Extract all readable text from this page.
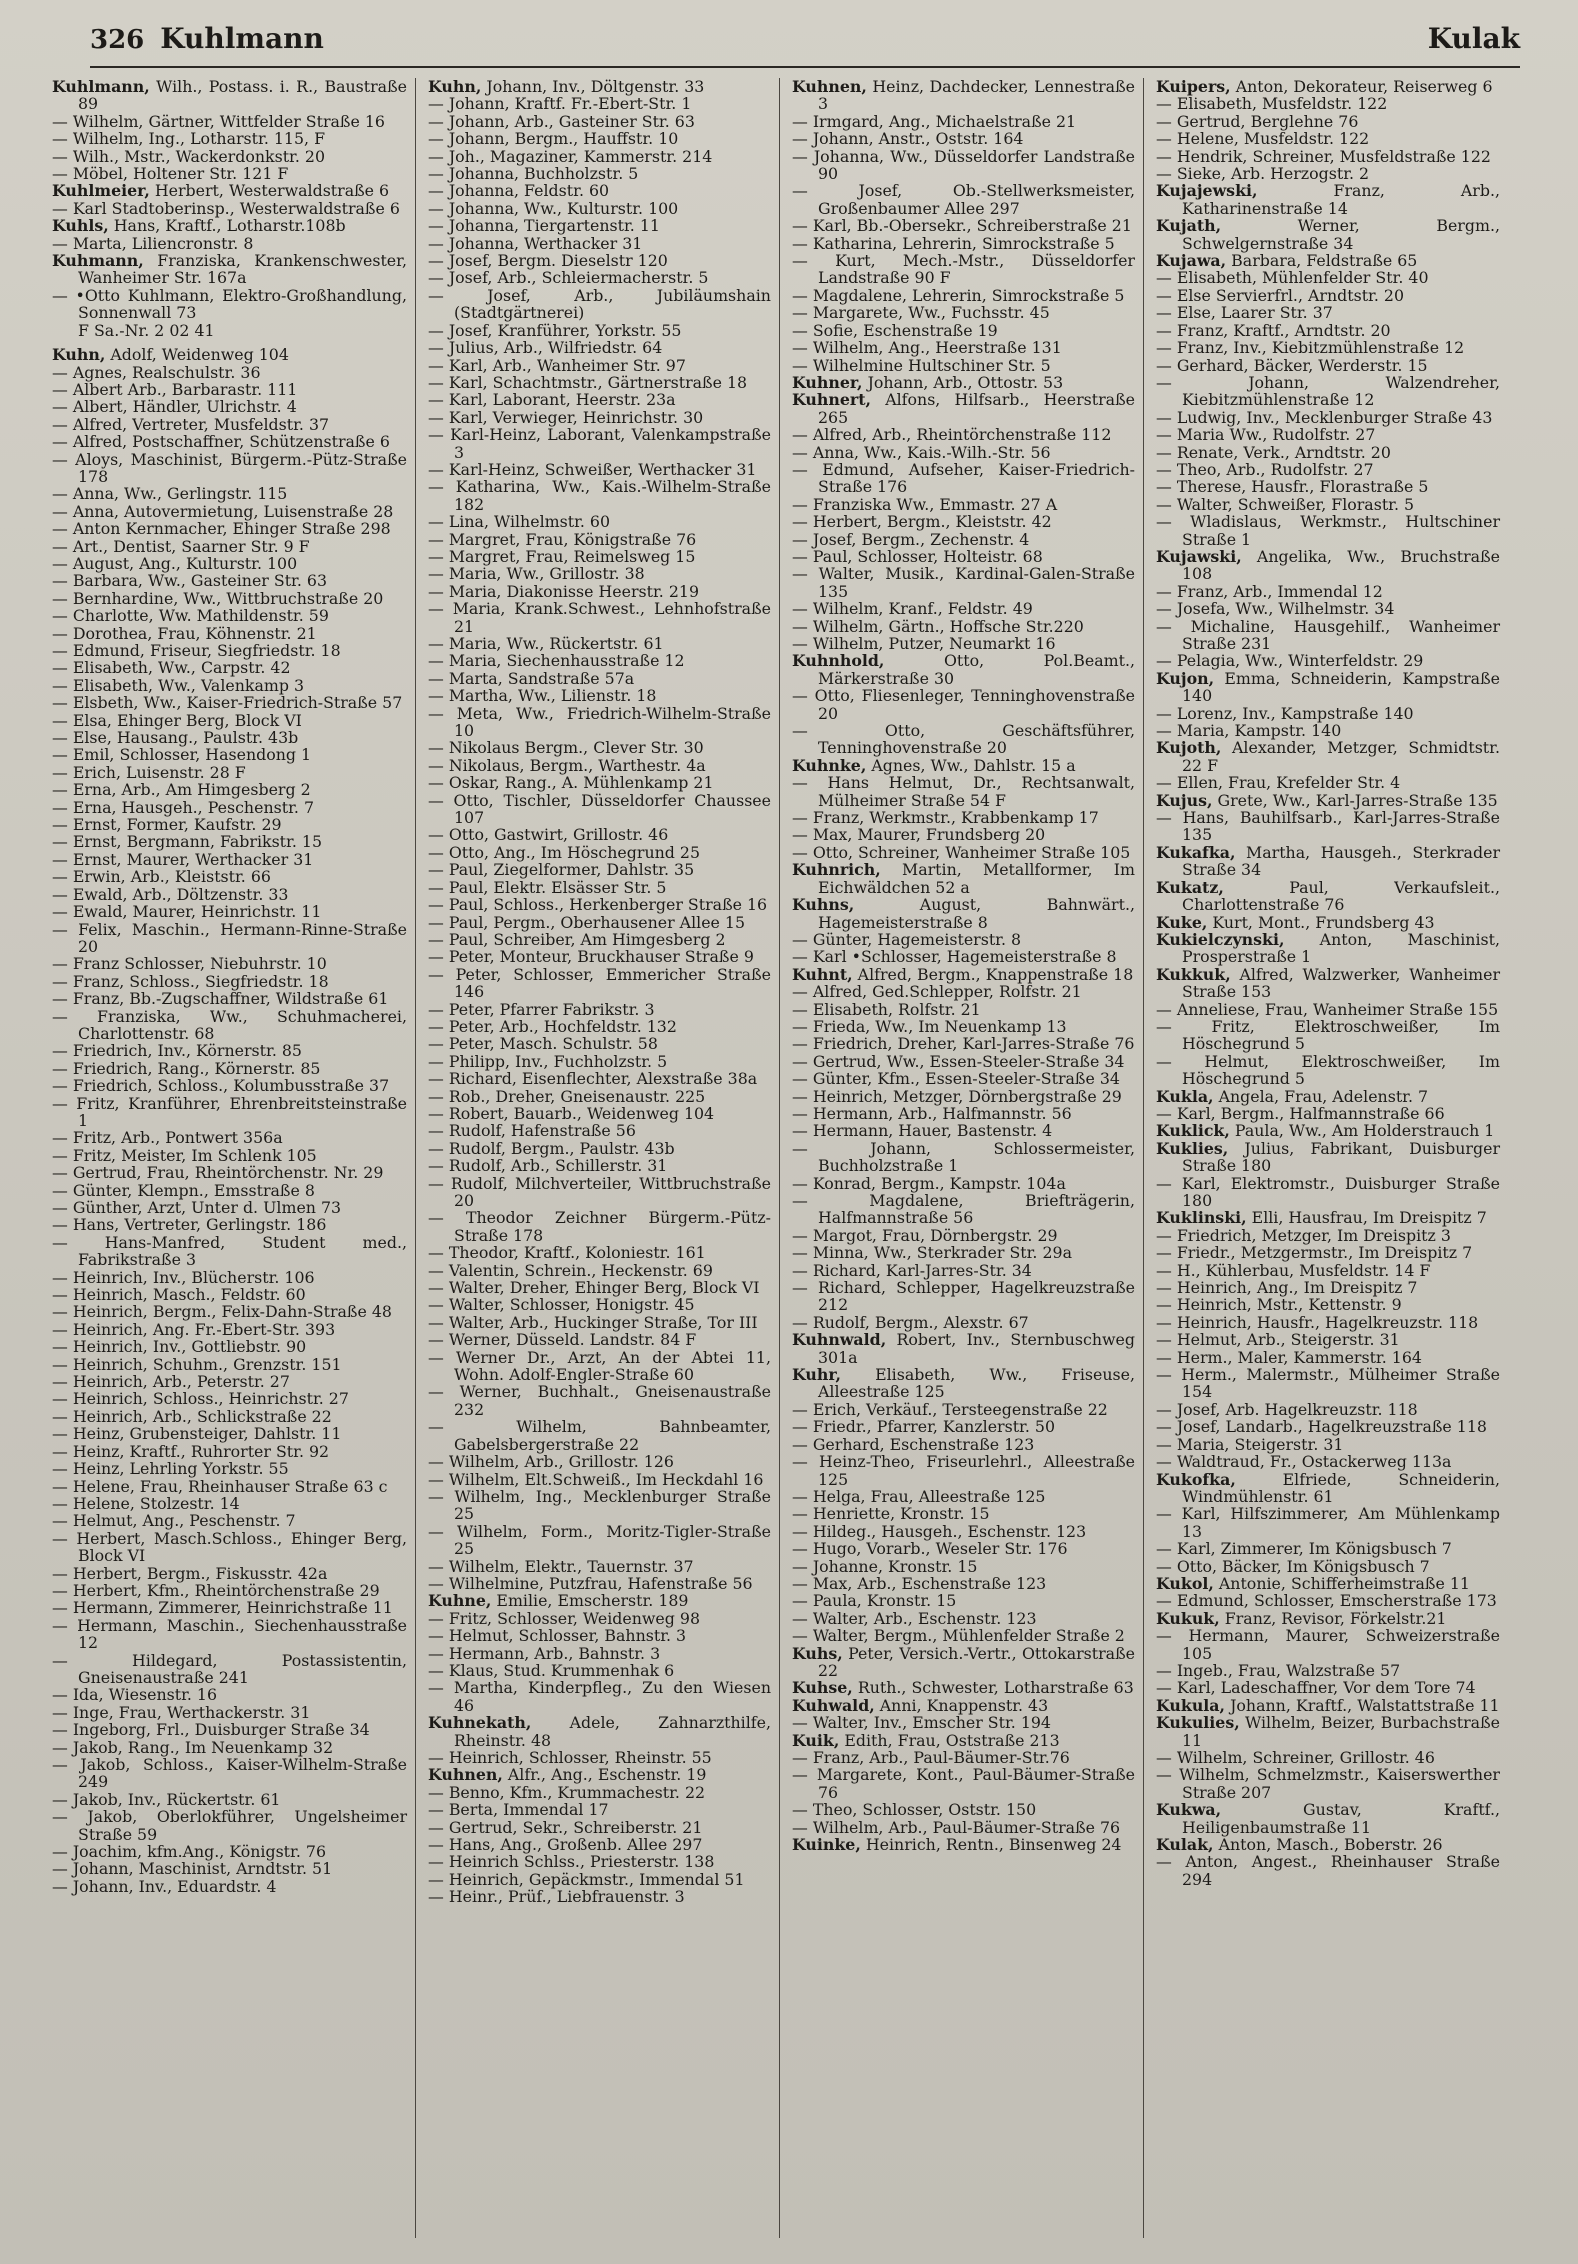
326 Kuhlmann	Kulak
Kuhlmann, Wilh., Postass. i. R., Baustraße 89
— Wilhelm, Gärtner, Wittfelder Straße 16
— Wilhelm, Ing., Lotharstr. 115, F
— Wilh., Mstr., Wackerdonkstr. 20
— Möbel, Holtener Str. 121 F
Kuhlmeier, Herbert, Westerwaldstraße 6
— Karl Stadtoberinsp., Westerwaldstraße 6
Kuhls, Hans, Kraftf., Lotharstr.108b
— Marta, Liliencronstr. 8
Kuhmann, Franziska, Krankenschwester, Wanheimer Str. 167a
— •Otto Kuhlmann, Elektro-Großhandlung, Sonnenwall 73
F Sa.-Nr. 2 02 41
Kuhn, Adolf, Weidenweg 104
— Agnes, Realschulstr. 36
— Albert Arb., Barbarastr. 111
— Albert, Händler, Ulrichstr. 4
— Alfred, Vertreter, Musfeldstr. 37
— Alfred, Postschaffner, Schützenstraße 6
— Aloys, Maschinist, Bürgerm.-Pütz-Straße 178
— Anna, Ww., Gerlingstr. 115
— Anna, Autovermietung, Luisenstraße 28
— Anton Kernmacher, Ehinger Straße 298
— Art., Dentist, Saarner Str. 9 F
— August, Ang., Kulturstr. 100
— Barbara, Ww., Gasteiner Str. 63
— Bernhardine, Ww., Wittbruchstraße 20
— Charlotte, Ww. Mathildenstr. 59
— Dorothea, Frau, Köhnenstr. 21
— Edmund, Friseur, Siegfriedstr. 18
— Elisabeth, Ww., Carpstr. 42
— Elisabeth, Ww., Valenkamp 3
— Elsbeth, Ww., Kaiser-Friedrich-Straße 57
— Elsa, Ehinger Berg, Block VI
— Else, Hausang., Paulstr. 43b
— Emil, Schlosser, Hasendong 1
— Erich, Luisenstr. 28 F
— Erna, Arb., Am Himgesberg 2
— Erna, Hausgeh., Peschenstr. 7
— Ernst, Former, Kaufstr. 29
— Ernst, Bergmann, Fabrikstr. 15
— Ernst, Maurer, Werthacker 31
— Erwin, Arb., Kleiststr. 66
— Ewald, Arb., Döltzenstr. 33
— Ewald, Maurer, Heinrichstr. 11
— Felix, Maschin., Hermann-Rinne-Straße 20
— Franz Schlosser, Niebuhrstr. 10
— Franz, Schloss., Siegfriedstr. 18
— Franz, Bb.-Zugschaffner, Wildstraße 61
— Franziska, Ww., Schuhmacherei, Charlottenstr. 68
— Friedrich, Inv., Körnerstr. 85
— Friedrich, Rang., Körnerstr. 85
— Friedrich, Schloss., Kolumbusstraße 37
— Fritz, Kranführer, Ehrenbreitsteinstraße 1
— Fritz, Arb., Pontwert 356a
— Fritz, Meister, Im Schlenk 105
— Gertrud, Frau, Rheintörchenstr. Nr. 29
— Günter, Klempn., Emsstraße 8
— Günther, Arzt, Unter d. Ulmen 73
— Hans, Vertreter, Gerlingstr. 186
— Hans-Manfred, Student med., Fabrikstraße 3
— Heinrich, Inv., Blücherstr. 106
— Heinrich, Masch., Feldstr. 60
— Heinrich, Bergm., Felix-Dahn-Straße 48
— Heinrich, Ang. Fr.-Ebert-Str. 393
— Heinrich, Inv., Gottliebstr. 90
— Heinrich, Schuhm., Grenzstr. 151
— Heinrich, Arb., Peterstr. 27
— Heinrich, Schloss., Heinrichstr. 27
— Heinrich, Arb., Schlickstraße 22
— Heinz, Grubensteiger, Dahlstr. 11
— Heinz, Kraftf., Ruhrorter Str. 92
— Heinz, Lehrling Yorkstr. 55
— Helene, Frau, Rheinhauser Straße 63 c
— Helene, Stolzestr. 14
— Helmut, Ang., Peschenstr. 7
— Herbert, Masch.Schloss., Ehinger Berg, Block VI
— Herbert, Bergm., Fiskusstr. 42a
— Herbert, Kfm., Rheintörchenstraße 29
— Hermann, Zimmerer, Heinrichstraße 11
— Hermann, Maschin., Siechenhausstraße 12
— Hildegard, Postassistentin, Gneisenaustraße 241
— Ida, Wiesenstr. 16
— Inge, Frau, Werthackerstr. 31
— Ingeborg, Frl., Duisburger Straße 34
— Jakob, Rang., Im Neuenkamp 32
— Jakob, Schloss., Kaiser-Wilhelm-Straße 249
— Jakob, Inv., Rückertstr. 61
— Jakob, Oberlokführer, Ungelsheimer Straße 59
— Joachim, kfm.Ang., Königstr. 76
— Johann, Maschinist, Arndtstr. 51
— Johann, Inv., Eduardstr. 4
Kuhn, Johann, Inv., Döltgenstr. 33
— Johann, Kraftf. Fr.-Ebert-Str. 1
— Johann, Arb., Gasteiner Str. 63
— Johann, Bergm., Hauffstr. 10
— Joh., Magaziner, Kammerstr. 214
— Johanna, Buchholzstr. 5
— Johanna, Feldstr. 60
— Johanna, Ww., Kulturstr. 100
— Johanna, Tiergartenstr. 11
— Johanna, Werthacker 31
— Josef, Bergm. Dieselstr 120
— Josef, Arb., Schleiermacherstr. 5
— Josef, Arb., Jubiläumshain (Stadtgärtnerei)
— Josef, Kranführer, Yorkstr. 55
— Julius, Arb., Wilfriedstr. 64
— Karl, Arb., Wanheimer Str. 97
— Karl, Schachtmstr., Gärtnerstraße 18
— Karl, Laborant, Heerstr. 23a
— Karl, Verwieger, Heinrichstr. 30
— Karl-Heinz, Laborant, Valenkampstraße 3
— Karl-Heinz, Schweißer, Werthacker 31
— Katharina, Ww., Kais.-Wilhelm-Straße 182
— Lina, Wilhelmstr. 60
— Margret, Frau, Königstraße 76
— Margret, Frau, Reimelsweg 15
— Maria, Ww., Grillostr. 38
— Maria, Diakonisse Heerstr. 219
— Maria, Krank.Schwest., Lehnhofstraße 21
— Maria, Ww., Rückertstr. 61
— Maria, Siechenhausstraße 12
— Marta, Sandstraße 57a
— Martha, Ww., Lilienstr. 18
— Meta, Ww., Friedrich-Wilhelm-Straße 10
— Nikolaus Bergm., Clever Str. 30
— Nikolaus, Bergm., Warthestr. 4a
— Oskar, Rang., A. Mühlenkamp 21
— Otto, Tischler, Düsseldorfer Chaussee 107
— Otto, Gastwirt, Grillostr. 46
— Otto, Ang., Im Höschegrund 25
— Paul, Ziegelformer, Dahlstr. 35
— Paul, Elektr. Elsässer Str. 5
— Paul, Schloss., Herkenberger Straße 16
— Paul, Pergm., Oberhausener Allee 15
— Paul, Schreiber, Am Himgesberg 2
— Peter, Monteur, Bruckhauser Straße 9
— Peter, Schlosser, Emmericher Straße 146
— Peter, Pfarrer Fabrikstr. 3
— Peter, Arb., Hochfeldstr. 132
— Peter, Masch. Schulstr. 58
— Philipp, Inv., Fuchholzstr. 5
— Richard, Eisenflechter, Alexstraße 38a
— Rob., Dreher, Gneisenaustr. 225
— Robert, Bauarb., Weidenweg 104
— Rudolf, Hafenstraße 56
— Rudolf, Bergm., Paulstr. 43b
— Rudolf, Arb., Schillerstr. 31
— Rudolf, Milchverteiler, Wittbruchstraße 20
— Theodor Zeichner Bürgerm.-Pütz-Straße 178
— Theodor, Kraftf., Koloniestr. 161
— Valentin, Schrein., Heckenstr. 69
— Walter, Dreher, Ehinger Berg, Block VI
— Walter, Schlosser, Honigstr. 45
— Walter, Arb., Huckinger Straße, Tor III
— Werner, Düsseld. Landstr. 84 F
— Werner Dr., Arzt, An der Abtei 11, Wohn. Adolf-Engler-Straße 60
— Werner, Buchhalt., Gneisenaustraße 232
— Wilhelm, Bahnbeamter, Gabelsbergerstraße 22
— Wilhelm, Arb., Grillostr. 126
— Wilhelm, Elt.Schweiß., Im Heckdahl 16
— Wilhelm, Ing., Mecklenburger Straße 25
— Wilhelm, Form., Moritz-Tigler-Straße 25
— Wilhelm, Elektr., Tauernstr. 37
— Wilhelmine, Putzfrau, Hafenstraße 56
Kuhne, Emilie, Emscherstr. 189
— Fritz, Schlosser, Weidenweg 98
— Helmut, Schlosser, Bahnstr. 3
— Hermann, Arb., Bahnstr. 3
— Klaus, Stud. Krummenhak 6
— Martha, Kinderpfleg., Zu den Wiesen 46
Kuhnekath, Adele, Zahnarzthilfe, Rheinstr. 48
— Heinrich, Schlosser, Rheinstr. 55
Kuhnen, Alfr., Ang., Eschenstr. 19
— Benno, Kfm., Krummachestr. 22
— Berta, Immendal 17
— Gertrud, Sekr., Schreiberstr. 21
— Hans, Ang., Großenb. Allee 297
— Heinrich Schlss., Priesterstr. 138
— Heinrich, Gepäckmstr., Immendal 51
— Heinr., Prüf., Liebfrauenstr. 3
Kuhnen, Heinz, Dachdecker, Lennestraße 3
— Irmgard, Ang., Michaelstraße 21
— Johann, Anstr., Oststr. 164
— Johanna, Ww., Düsseldorfer Landstraße 90
— Josef, Ob.-Stellwerksmeister, Großenbaumer Allee 297
— Karl, Bb.-Obersekr., Schreiberstraße 21
— Katharina, Lehrerin, Simrockstraße 5
— Kurt, Mech.-Mstr., Düsseldorfer Landstraße 90 F
— Magdalene, Lehrerin, Simrockstraße 5
— Margarete, Ww., Fuchsstr. 45
— Sofie, Eschenstraße 19
— Wilhelm, Ang., Heerstraße 131
— Wilhelmine Hultschiner Str. 5
Kuhner, Johann, Arb., Ottostr. 53
Kuhnert, Alfons, Hilfsarb., Heerstraße 265
— Alfred, Arb., Rheintörchenstraße 112
— Anna, Ww., Kais.-Wilh.-Str. 56
— Edmund, Aufseher, Kaiser-Friedrich-Straße 176
— Franziska Ww., Emmastr. 27 A
— Herbert, Bergm., Kleiststr. 42
— Josef, Bergm., Zechenstr. 4
— Paul, Schlosser, Holteistr. 68
— Walter, Musik., Kardinal-Galen-Straße 135
— Wilhelm, Kranf., Feldstr. 49
— Wilhelm, Gärtn., Hoffsche Str.220
— Wilhelm, Putzer, Neumarkt 16
Kuhnhold, Otto, Pol.Beamt., Märkerstraße 30
— Otto, Fliesenleger, Tenninghovenstraße 20
— Otto, Geschäftsführer, Tenninghovenstraße 20
Kuhnke, Agnes, Ww., Dahlstr. 15 a
— Hans Helmut, Dr., Rechtsanwalt, Mülheimer Straße 54 F
— Franz, Werkmstr., Krabbenkamp 17
— Max, Maurer, Frundsberg 20
— Otto, Schreiner, Wanheimer Straße 105
Kuhnrich, Martin, Metallformer, Im Eichwäldchen 52 a
Kuhns, August, Bahnwärt., Hagemeisterstraße 8
— Günter, Hagemeisterstr. 8
— Karl •Schlosser, Hagemeisterstraße 8
Kuhnt, Alfred, Bergm., Knappenstraße 18
— Alfred, Ged.Schlepper, Rolfstr. 21
— Elisabeth, Rolfstr. 21
— Frieda, Ww., Im Neuenkamp 13
— Friedrich, Dreher, Karl-Jarres-Straße 76
— Gertrud, Ww., Essen-Steeler-Straße 34
— Günter, Kfm., Essen-Steeler-Straße 34
— Heinrich, Metzger, Dörnbergstraße 29
— Hermann, Arb., Halfmannstr. 56
— Hermann, Hauer, Bastenstr. 4
— Johann, Schlossermeister, Buchholzstraße 1
— Konrad, Bergm., Kampstr. 104a
— Magdalene, Briefträgerin, Halfmannstraße 56
— Margot, Frau, Dörnbergstr. 29
— Minna, Ww., Sterkrader Str. 29a
— Richard, Karl-Jarres-Str. 34
— Richard, Schlepper, Hagelkreuzstraße 212
— Rudolf, Bergm., Alexstr. 67
Kuhnwald, Robert, Inv., Sternbuschweg 301a
Kuhr, Elisabeth, Ww., Friseuse, Alleestraße 125
— Erich, Verkäuf., Tersteegenstraße 22
— Friedr., Pfarrer, Kanzlerstr. 50
— Gerhard, Eschenstraße 123
— Heinz-Theo, Friseurlehrl., Alleestraße 125
— Helga, Frau, Alleestraße 125
— Henriette, Kronstr. 15
— Hildeg., Hausgeh., Eschenstr. 123
— Hugo, Vorarb., Weseler Str. 176
— Johanne, Kronstr. 15
— Max, Arb., Eschenstraße 123
— Paula, Kronstr. 15
— Walter, Arb., Eschenstr. 123
— Walter, Bergm., Mühlenfelder Straße 2
Kuhs, Peter, Versich.-Vertr., Ottokarstraße 22
Kuhse, Ruth., Schwester, Lotharstraße 63
Kuhwald, Anni, Knappenstr. 43
— Walter, Inv., Emscher Str. 194
Kuik, Edith, Frau, Oststraße 213
— Franz, Arb., Paul-Bäumer-Str.76
— Margarete, Kont., Paul-Bäumer-Straße 76
— Theo, Schlosser, Oststr. 150
— Wilhelm, Arb., Paul-Bäumer-Straße 76
Kuinke, Heinrich, Rentn., Binsenweg 24
Kuipers, Anton, Dekorateur, Reiserweg 6
— Elisabeth, Musfeldstr. 122
— Gertrud, Berglehne 76
— Helene, Musfeldstr. 122
— Hendrik, Schreiner, Musfeldstraße 122
— Sieke, Arb. Herzogstr. 2
Kujajewski, Franz, Arb., Katharinenstraße 14
Kujath, Werner, Bergm., Schwelgernstraße 34
Kujawa, Barbara, Feldstraße 65
— Elisabeth, Mühlenfelder Str. 40
— Else Servierfrl., Arndtstr. 20
— Else, Laarer Str. 37
— Franz, Kraftf., Arndtstr. 20
— Franz, Inv., Kiebitzmühlenstraße 12
— Gerhard, Bäcker, Werderstr. 15
— Johann, Walzendreher, Kiebitzmühlenstraße 12
— Ludwig, Inv., Mecklenburger Straße 43
— Maria Ww., Rudolfstr. 27
— Renate, Verk., Arndtstr. 20
— Theo, Arb., Rudolfstr. 27
— Therese, Hausfr., Florastraße 5
— Walter, Schweißer, Florastr. 5
— Wladislaus, Werkmstr., Hultschiner Straße 1
Kujawski, Angelika, Ww., Bruchstraße 108
— Franz, Arb., Immendal 12
— Josefa, Ww., Wilhelmstr. 34
— Michaline, Hausgehilf., Wanheimer Straße 231
— Pelagia, Ww., Winterfeldstr. 29
Kujon, Emma, Schneiderin, Kampstraße 140
— Lorenz, Inv., Kampstraße 140
— Maria, Kampstr. 140
Kujoth, Alexander, Metzger, Schmidtstr. 22 F
— Ellen, Frau, Krefelder Str. 4
Kujus, Grete, Ww., Karl-Jarres-Straße 135
— Hans, Bauhilfsarb., Karl-Jarres-Straße 135
Kukafka, Martha, Hausgeh., Sterkrader Straße 34
Kukatz, Paul, Verkaufsleit., Charlottenstraße 76
Kuke, Kurt, Mont., Frundsberg 43
Kukielczynski, Anton, Maschinist, Prosperstraße 1
Kukkuk, Alfred, Walzwerker, Wanheimer Straße 153
— Anneliese, Frau, Wanheimer Straße 155
— Fritz, Elektroschweißer, Im Höschegrund 5
— Helmut, Elektroschweißer, Im Höschegrund 5
Kukla, Angela, Frau, Adelenstr. 7
— Karl, Bergm., Halfmannstraße 66
Kuklick, Paula, Ww., Am Holderstrauch 1
Kuklies, Julius, Fabrikant, Duisburger Straße 180
— Karl, Elektromstr., Duisburger Straße 180
Kuklinski, Elli, Hausfrau, Im Dreispitz 7
— Friedrich, Metzger, Im Dreispitz 3
— Friedr., Metzgermstr., Im Dreispitz 7
— H., Kühlerbau, Musfeldstr. 14 F
— Heinrich, Ang., Im Dreispitz 7
— Heinrich, Mstr., Kettenstr. 9
— Heinrich, Hausfr., Hagelkreuzstr. 118
— Helmut, Arb., Steigerstr. 31
— Herm., Maler, Kammerstr. 164
— Herm., Malermstr., Mülheimer Straße 154
— Josef, Arb. Hagelkreuzstr. 118
— Josef, Landarb., Hagelkreuzstraße 118
— Maria, Steigerstr. 31
— Waldtraud, Fr., Ostackerweg 113a
Kukofka, Elfriede, Schneiderin, Windmühlenstr. 61
— Karl, Hilfszimmerer, Am Mühlenkamp 13
— Karl, Zimmerer, Im Königsbusch 7
— Otto, Bäcker, Im Königsbusch 7
Kukol, Antonie, Schifferheimstraße 11
— Edmund, Schlosser, Emscherstraße 173
Kukuk, Franz, Revisor, Förkelstr.21
— Hermann, Maurer, Schweizerstraße 105
— Ingeb., Frau, Walzstraße 57
— Karl, Ladeschaffner, Vor dem Tore 74
Kukula, Johann, Kraftf., Walstattstraße 11
Kukulies, Wilhelm, Beizer, Burbachstraße 11
— Wilhelm, Schreiner, Grillostr. 46
— Wilhelm, Schmelzmstr., Kaiserswerther Straße 207
Kukwa, Gustav, Kraftf., Heiligenbaumstraße 11
Kulak, Anton, Masch., Boberstr. 26
— Anton, Angest., Rheinhauser Straße 294
